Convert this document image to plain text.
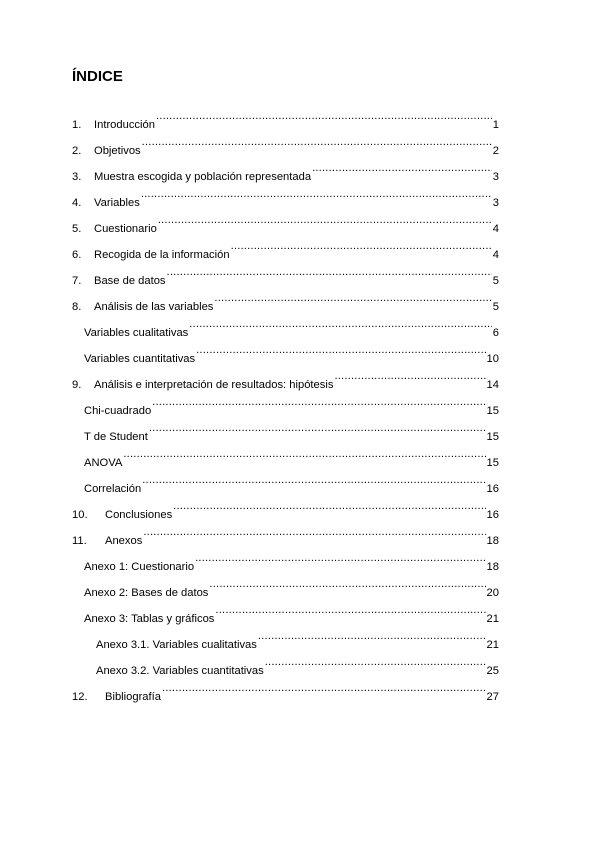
ÍNDICE
1.	Introducción .....	1
2.	Objetivos .....	2
3.	Muestra escogida y población representada .....	3
4.	Variables .....	3
5.	Cuestionario .....	4
6.	Recogida de la información .....	4
7.	Base de datos .....	5
8.	Análisis de las variables .....	5
Variables cualitativas .....	6
Variables cuantitativas .....	10
9.	Análisis e interpretación de resultados: hipótesis .....	14
Chi-cuadrado .....	15
T de Student .....	15
ANOVA .....	15
Correlación .....	16
10.	Conclusiones .....	16
11.	Anexos .....	18
Anexo 1: Cuestionario .....	18
Anexo 2: Bases de datos .....	20
Anexo 3: Tablas y gráficos .....	21
Anexo 3.1. Variables cualitativas .....	21
Anexo 3.2. Variables cuantitativas .....	25
12.	Bibliografía .....	27
